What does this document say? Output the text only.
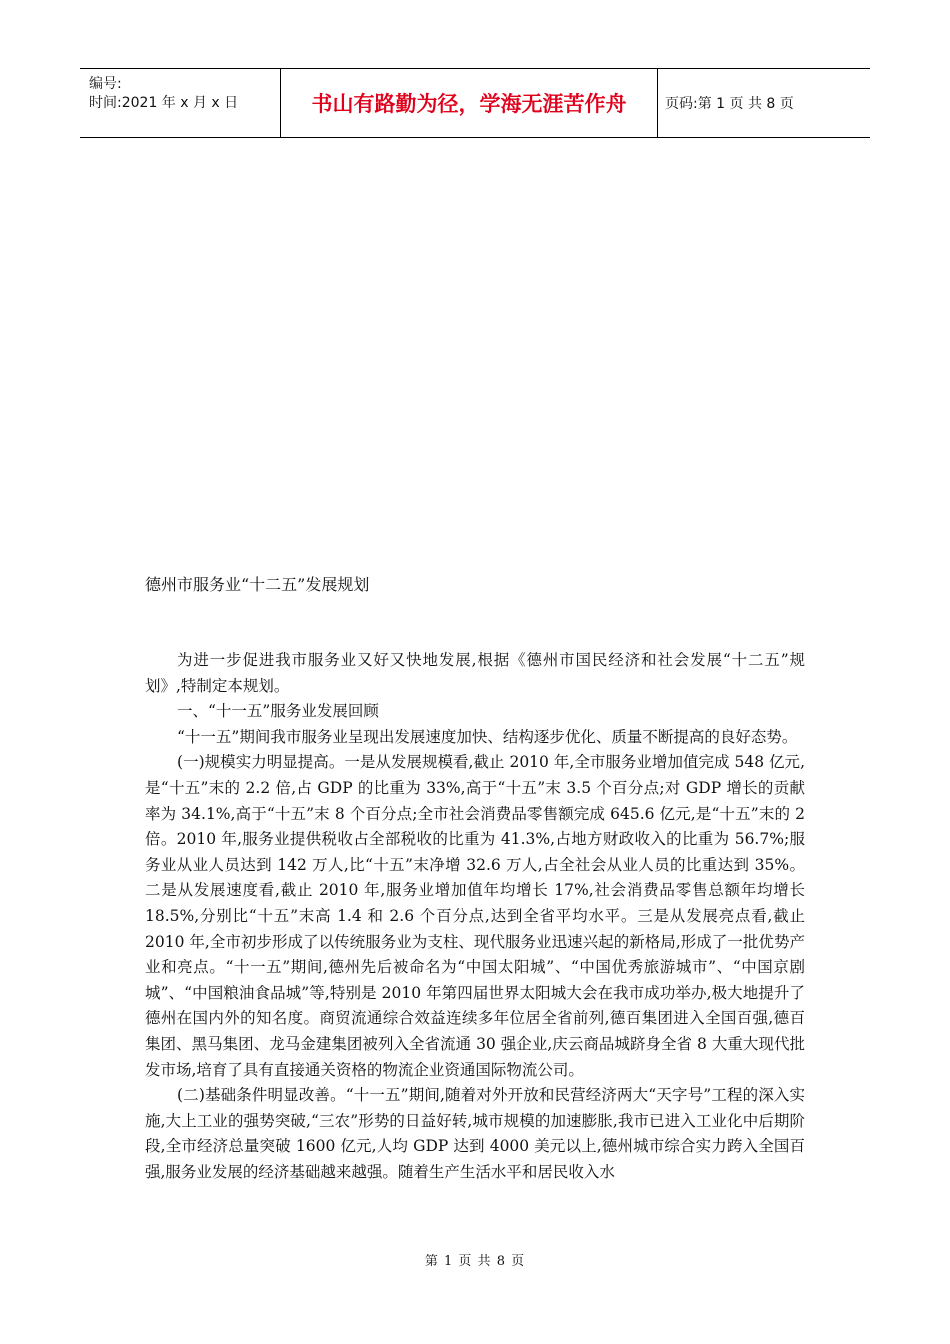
编号:
时间:2021 年 x 月 x 日	书山有路勤为径，学海无涯苦作舟	页码:第 1 页 共 8 页
德州市服务业“十二五”发展规划

为进一步促进我市服务业又好又快地发展,根据《德州市国民经济和社会发展“十二五”规划》,特制定本规划。

一、“十一五”服务业发展回顾

“十一五”期间我市服务业呈现出发展速度加快、结构逐步优化、质量不断提高的良好态势。

(一)规模实力明显提高。一是从发展规模看,截止 2010 年,全市服务业增加值完成 548 亿元,是“十五”末的 2.2 倍,占 GDP 的比重为 33%,高于“十五”末 3.5 个百分点;对 GDP 增长的贡献率为 34.1%,高于“十五”末 8 个百分点;全市社会消费品零售额完成 645.6 亿元,是“十五”末的 2 倍。2010 年,服务业提供税收占全部税收的比重为 41.3%,占地方财政收入的比重为 56.7%;服务业从业人员达到 142 万人,比“十五”末净增 32.6 万人,占全社会从业人员的比重达到 35%。二是从发展速度看,截止 2010 年,服务业增加值年均增长 17%,社会消费品零售总额年均增长 18.5%,分别比“十五”末高 1.4 和 2.6 个百分点,达到全省平均水平。三是从发展亮点看,截止 2010 年,全市初步形成了以传统服务业为支柱、现代服务业迅速兴起的新格局,形成了一批优势产业和亮点。“十一五”期间,德州先后被命名为“中国太阳城”、“中国优秀旅游城市”、“中国京剧城”、“中国粮油食品城”等,特别是 2010 年第四届世界太阳城大会在我市成功举办,极大地提升了德州在国内外的知名度。商贸流通综合效益连续多年位居全省前列,德百集团进入全国百强,德百集团、黑马集团、龙马金建集团被列入全省流通 30 强企业,庆云商品城跻身全省 8 大重大现代批发市场,培育了具有直接通关资格的物流企业资通国际物流公司。

(二)基础条件明显改善。“十一五”期间,随着对外开放和民营经济两大“天字号”工程的深入实施,大上工业的强势突破,“三农”形势的日益好转,城市规模的加速膨胀,我市已进入工业化中后期阶段,全市经济总量突破 1600 亿元,人均 GDP 达到 4000 美元以上,德州城市综合实力跨入全国百强,服务业发展的经济基础越来越强。随着生产生活水平和居民收入水

第 1 页 共 8 页
